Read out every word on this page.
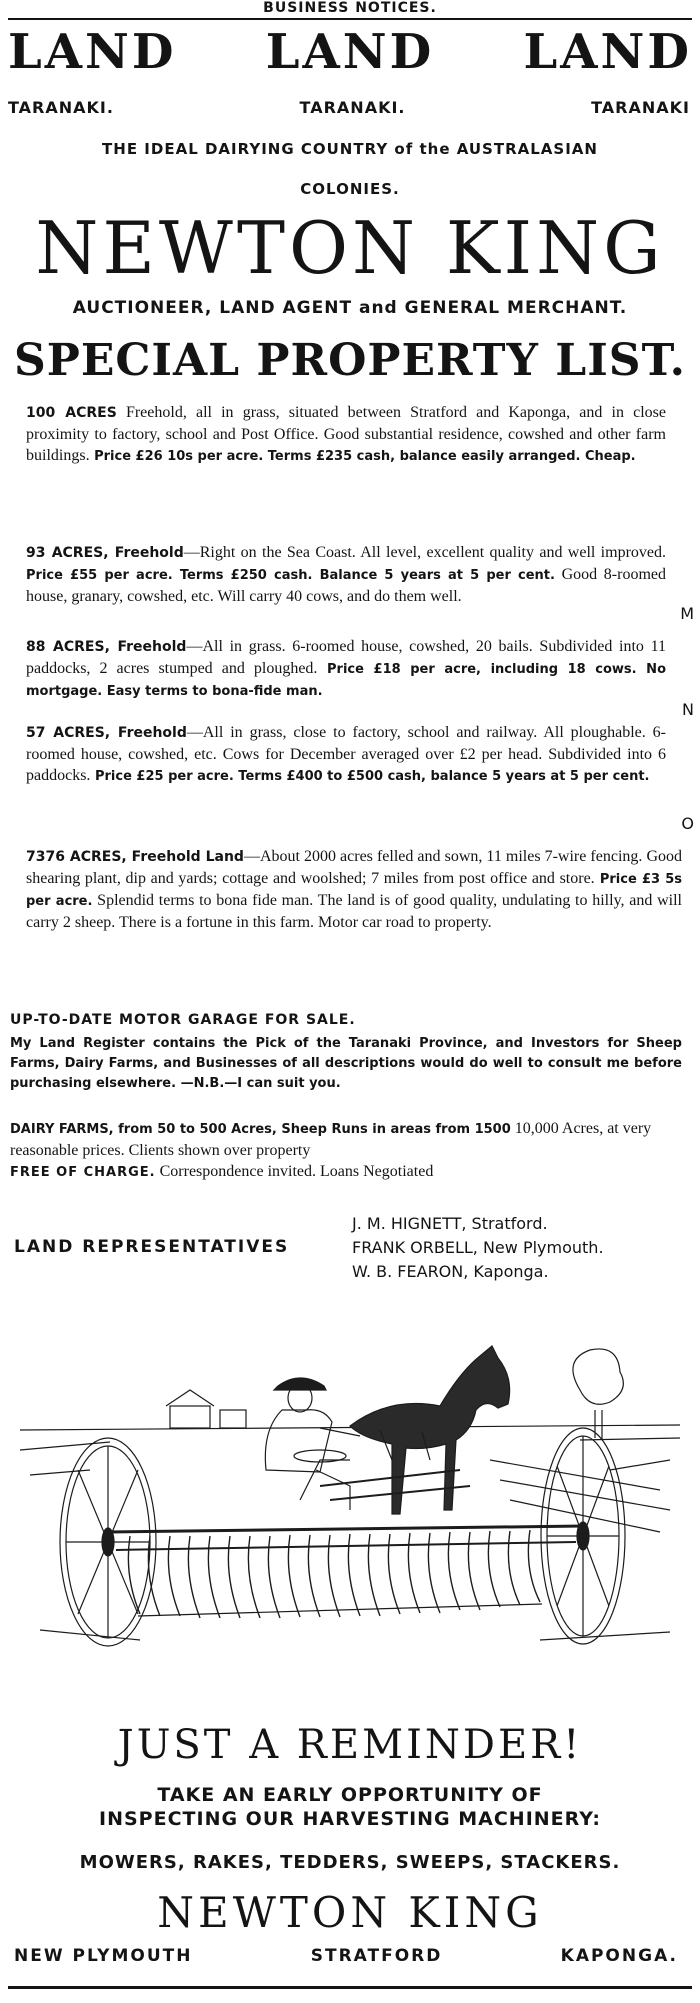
BUSINESS NOTICES.
LAND LAND LAND
TARANAKI.	TARANAKI.	TARANAKI
THE IDEAL DAIRYING COUNTRY of the AUSTRALASIAN
COLONIES.
NEWTON KING
AUCTIONEER, LAND AGENT and GENERAL MERCHANT.
SPECIAL PROPERTY LIST.
100 ACRES Freehold, all in grass, situated between Stratford and Kaponga, and in close proximity to factory, school and Post Office. Good substantial residence, cowshed and other farm buildings. Price £26 10s per acre. Terms £235 cash, balance easily arranged. Cheap.
93 ACRES, Freehold—Right on the Sea Coast. All level, excellent quality and well improved. Price £55 per acre. Terms £250 cash. Balance 5 years at 5 per cent. Good 8-roomed house, granary, cowshed, etc. Will carry 40 cows, and do them well.
88 ACRES, Freehold—All in grass. 6-roomed house, cowshed, 20 bails. Subdivided into 11 paddocks, 2 acres stumped and ploughed. Price £18 per acre, including 18 cows. No mortgage. Easy terms to bona-fide man.
57 ACRES, Freehold—All in grass, close to factory, school and railway. All ploughable. 6-roomed house, cowshed, etc. Cows for December averaged over £2 per head. Subdivided into 6 paddocks. Price £25 per acre. Terms £400 to £500 cash, balance 5 years at 5 per cent.
7376 ACRES, Freehold Land—About 2000 acres felled and sown, 11 miles 7-wire fencing. Good shearing plant, dip and yards; cottage and woolshed; 7 miles from post office and store. Price £3 5s per acre. Splendid terms to bona fide man. The land is of good quality, undulating to hilly, and will carry 2 sheep. There is a fortune in this farm. Motor car road to property.
M
N
O
UP-TO-DATE MOTOR GARAGE FOR SALE.
My Land Register contains the Pick of the Taranaki Province, and Investors for Sheep Farms, Dairy Farms, and Businesses of all descriptions would do well to consult me before purchasing elsewhere. —N.B.—I can suit you.
DAIRY FARMS, from 50 to 500 Acres, Sheep Runs in areas from 1500 10,000 Acres, at very reasonable prices. Clients shown over property
FREE OF CHARGE. Correspondence invited. Loans Negotiated
LAND REPRESENTATIVES
J. M. HIGNETT, Stratford.
FRANK ORBELL, New Plymouth.
W. B. FEARON, Kaponga.
JUST A REMINDER!
TAKE AN EARLY OPPORTUNITY OF
INSPECTING OUR HARVESTING MACHINERY:
MOWERS, RAKES, TEDDERS, SWEEPS, STACKERS.
NEWTON KING
NEW PLYMOUTH	STRATFORD	KAPONGA.
